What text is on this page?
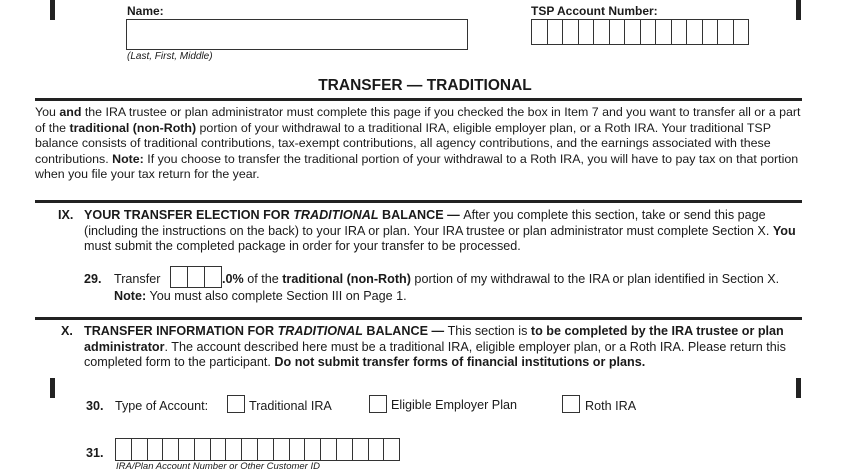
Name:
(Last, First, Middle)
TSP Account Number:
TRANSFER — TRADITIONAL
You and the IRA trustee or plan administrator must complete this page if you checked the box in Item 7 and you want to transfer all or a part of the traditional (non-Roth) portion of your withdrawal to a traditional IRA, eligible employer plan, or a Roth IRA. Your traditional TSP balance consists of traditional contributions, tax-exempt contributions, all agency contributions, and the earnings associated with these contributions. Note: If you choose to transfer the traditional portion of your withdrawal to a Roth IRA, you will have to pay tax on that portion when you file your tax return for the year.
IX. YOUR TRANSFER ELECTION FOR TRADITIONAL BALANCE — After you complete this section, take or send this page (including the instructions on the back) to your IRA or plan. Your IRA trustee or plan administrator must complete Section X. You must submit the completed package in order for your transfer to be processed.
29. Transfer	.0% of the traditional (non-Roth) portion of my withdrawal to the IRA or plan identified in Section X.
Note: You must also complete Section III on Page 1.
X. TRANSFER INFORMATION FOR TRADITIONAL BALANCE — This section is to be completed by the IRA trustee or plan administrator. The account described here must be a traditional IRA, eligible employer plan, or a Roth IRA. Please return this completed form to the participant. Do not submit transfer forms of financial institutions or plans.
30. Type of Account:	Traditional IRA	Eligible Employer Plan	Roth IRA
31.
IRA/Plan Account Number or Other Customer ID
